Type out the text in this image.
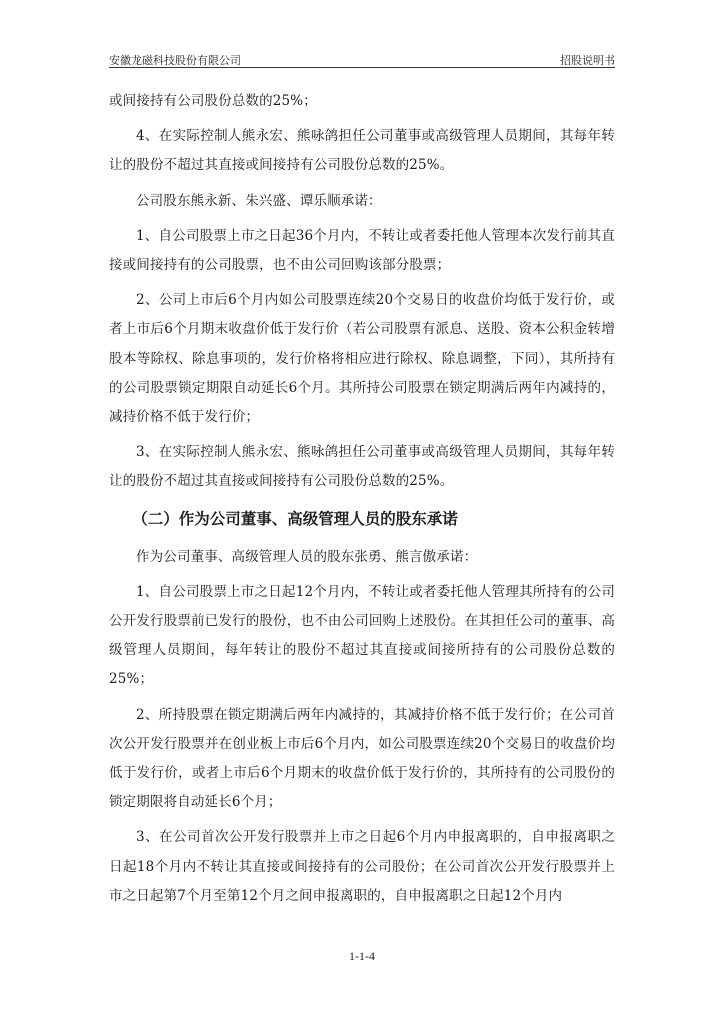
安徽龙磁科技股份有限公司	招股说明书

或间接持有公司股份总数的25%；

4、在实际控制人熊永宏、熊咏鸽担任公司董事或高级管理人员期间，其每年转让的股份不超过其直接或间接持有公司股份总数的25%。

公司股东熊永新、朱兴盛、谭乐顺承诺：

1、自公司股票上市之日起36个月内，不转让或者委托他人管理本次发行前其直接或间接持有的公司股票，也不由公司回购该部分股票；

2、公司上市后6个月内如公司股票连续20个交易日的收盘价均低于发行价，或者上市后6个月期末收盘价低于发行价（若公司股票有派息、送股、资本公积金转增股本等除权、除息事项的，发行价格将相应进行除权、除息调整，下同），其所持有的公司股票锁定期限自动延长6个月。其所持公司股票在锁定期满后两年内减持的，减持价格不低于发行价；

3、在实际控制人熊永宏、熊咏鸽担任公司董事或高级管理人员期间，其每年转让的股份不超过其直接或间接持有公司股份总数的25%。

（二）作为公司董事、高级管理人员的股东承诺

作为公司董事、高级管理人员的股东张勇、熊言傲承诺：

1、自公司股票上市之日起12个月内，不转让或者委托他人管理其所持有的公司公开发行股票前已发行的股份，也不由公司回购上述股份。在其担任公司的董事、高级管理人员期间，每年转让的股份不超过其直接或间接所持有的公司股份总数的25%；

2、所持股票在锁定期满后两年内减持的，其减持价格不低于发行价；在公司首次公开发行股票并在创业板上市后6个月内，如公司股票连续20个交易日的收盘价均低于发行价，或者上市后6个月期末的收盘价低于发行价的，其所持有的公司股份的锁定期限将自动延长6个月；

3、在公司首次公开发行股票并上市之日起6个月内申报离职的，自申报离职之日起18个月内不转让其直接或间接持有的公司股份；在公司首次公开发行股票并上市之日起第7个月至第12个月之间申报离职的，自申报离职之日起12个月内

1-1-4
